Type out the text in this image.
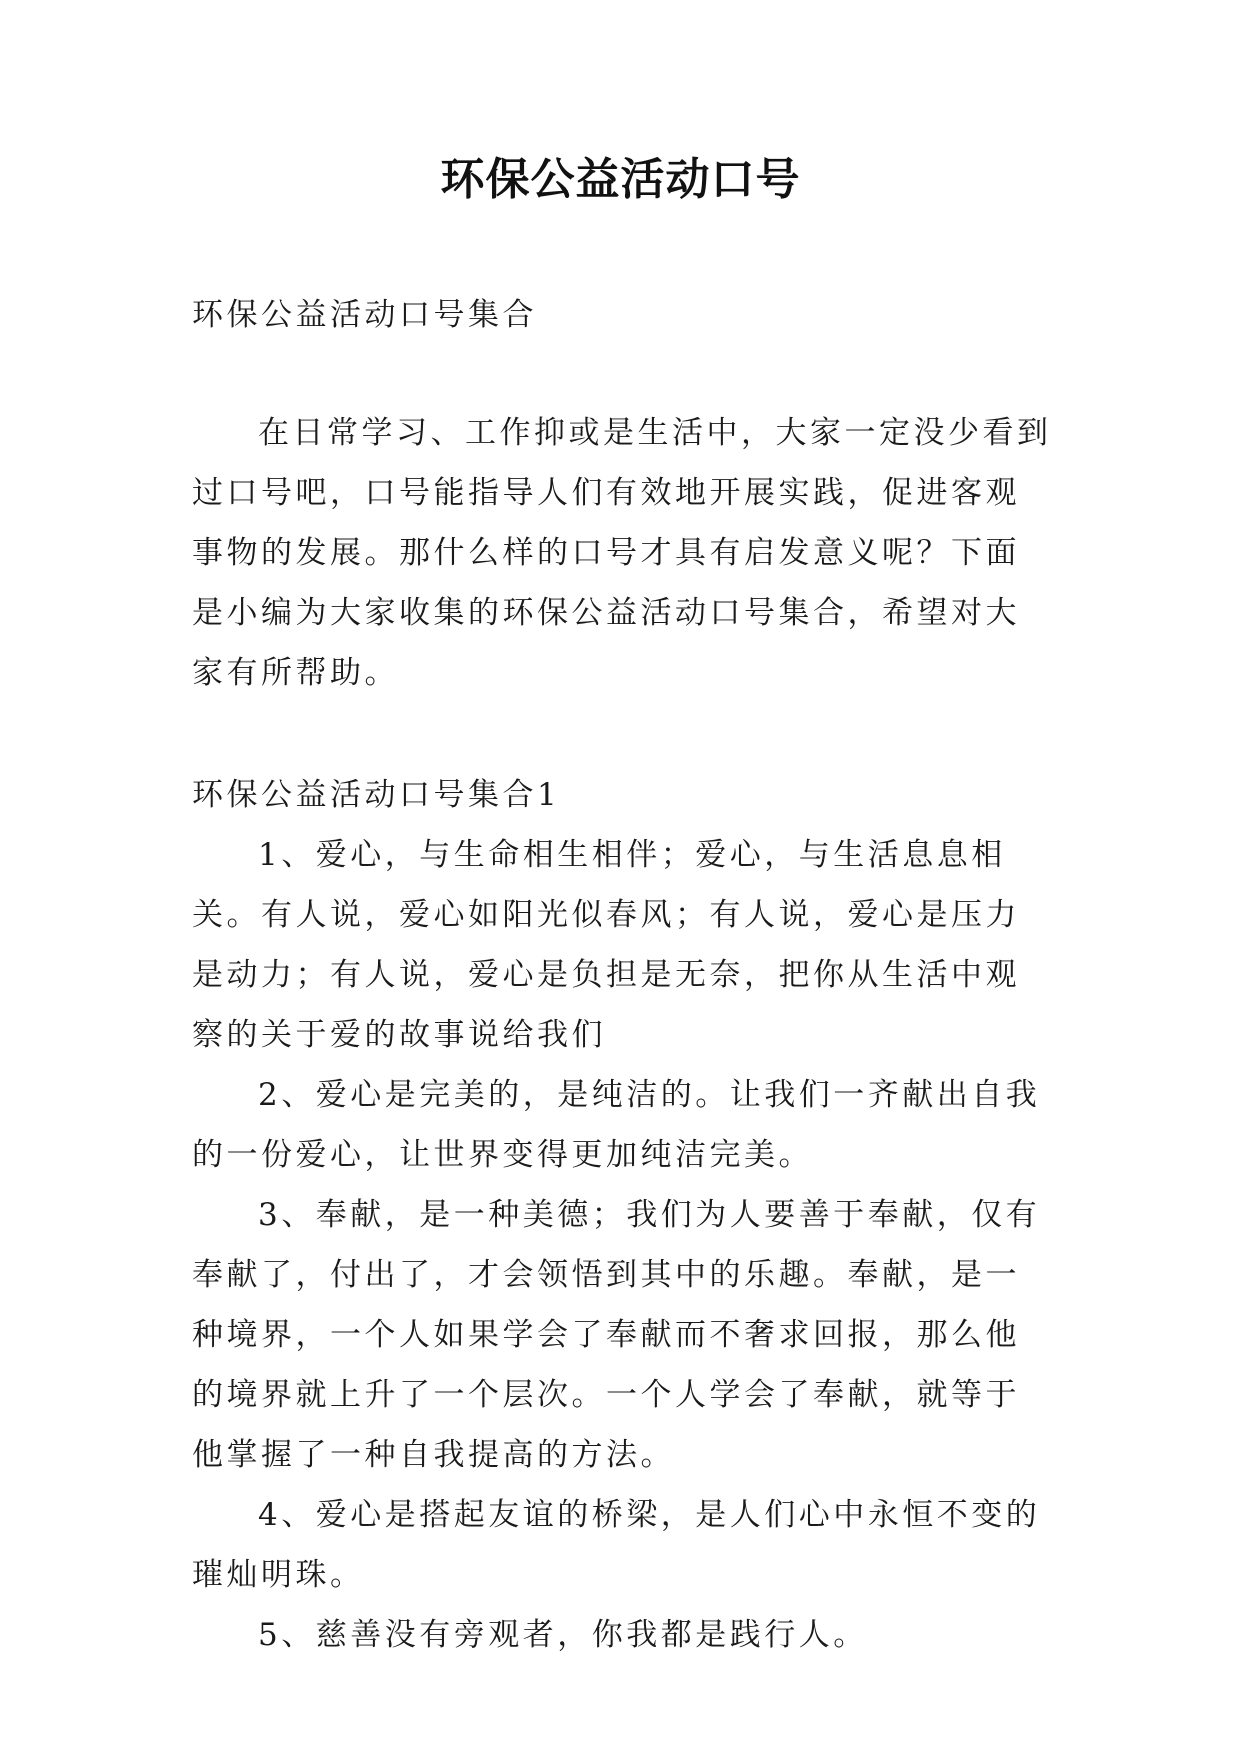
环保公益活动口号

环保公益活动口号集合

在日常学习、工作抑或是生活中，大家一定没少看到过口号吧，口号能指导人们有效地开展实践，促进客观事物的发展。那什么样的口号才具有启发意义呢？下面是小编为大家收集的环保公益活动口号集合，希望对大家有所帮助。

环保公益活动口号集合1

1、爱心，与生命相生相伴；爱心，与生活息息相关。有人说，爱心如阳光似春风；有人说，爱心是压力是动力；有人说，爱心是负担是无奈，把你从生活中观察的关于爱的故事说给我们

2、爱心是完美的，是纯洁的。让我们一齐献出自我的一份爱心，让世界变得更加纯洁完美。

3、奉献，是一种美德；我们为人要善于奉献，仅有奉献了，付出了，才会领悟到其中的乐趣。奉献，是一种境界，一个人如果学会了奉献而不奢求回报，那么他的境界就上升了一个层次。一个人学会了奉献，就等于他掌握了一种自我提高的方法。

4、爱心是搭起友谊的桥梁，是人们心中永恒不变的璀灿明珠。

5、慈善没有旁观者，你我都是践行人。
